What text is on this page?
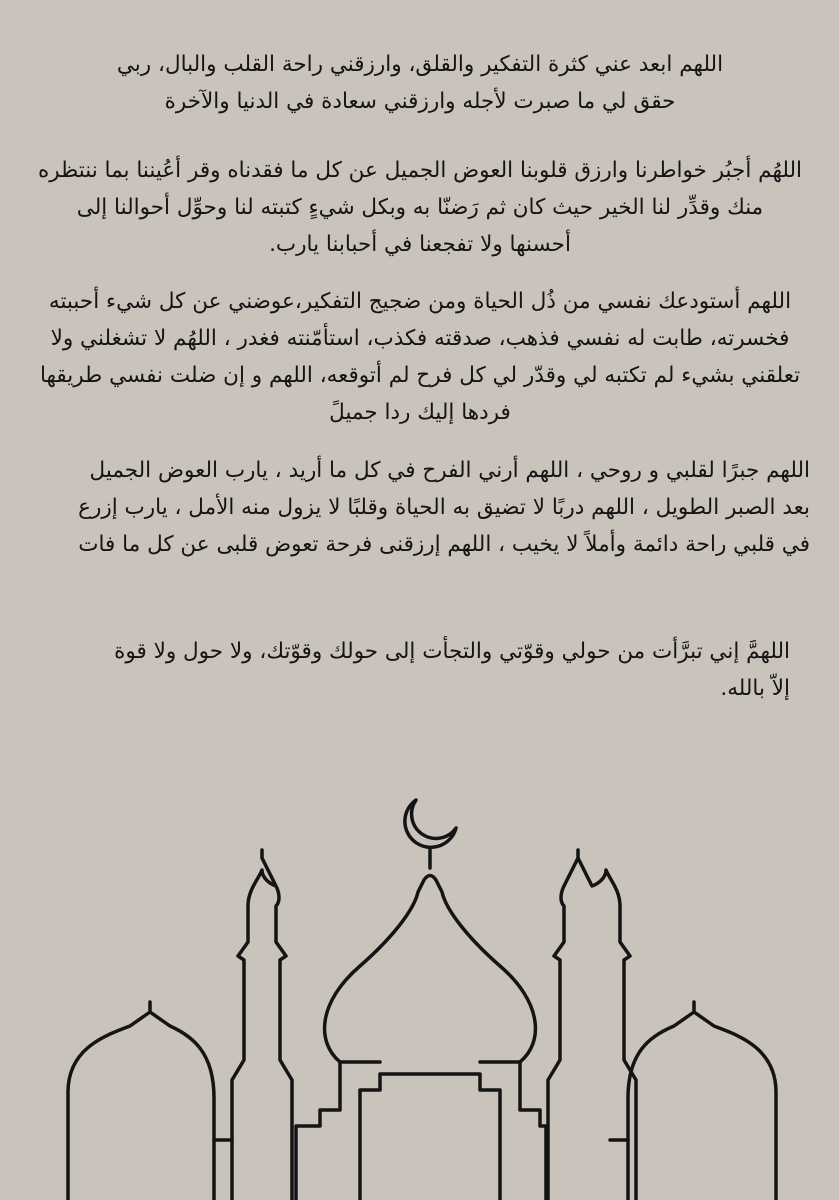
اللهم ابعد عني كثرة التفكير والقلق، وارزقني راحة القلب والبال، ربي
حقق لي ما صبرت لأجله وارزقني سعادة في الدنيا والآخرة

اللهُم أجبُر خواطرنا وارزق قلوبنا العوض الجميل عن كل ما فقدناه وقر أعُيننا بما ننتظره
منك وقدِّر لنا الخير حيث كان ثم رَضنّا به وبكل شيءٍ كتبته لنا وحوِّل أحوالنا إلى
أحسنها ولا تفجعنا في أحبابنا يارب.

اللهم أستودعك نفسي من ذُل الحياة ومن ضجيج التفكير،عوضني عن كل شيء أحببته
فخسرته، طابت له نفسي فذهب، صدقته فكذب، استأمّنته فغدر ، اللهُم لا تشغلني ولا
تعلقني بشيء لم تكتبه لي وقدّر لي كل فرح لم أتوقعه، اللهم و إن ضلت نفسي طريقها
فردها إليك ردا جميلً

اللهم جبرًا لقلبي و روحي ، اللهم أرني الفرح في كل ما أريد ، يارب العوض الجميل
بعد الصبر الطويل ، اللهم دربًا لا تضيق به الحياة وقلبًا لا يزول منه الأمل ، يارب إزرع
في قلبي راحة دائمة وأملاً لا يخيب ، اللهم إرزقنى فرحة تعوض قلبى عن كل ما فات

اللهمَّ إني تبرَّأت من حولي وقوّتي والتجأت إلى حولك وقوّتك، ولا حول ولا قوة
إلاّ بالله.
